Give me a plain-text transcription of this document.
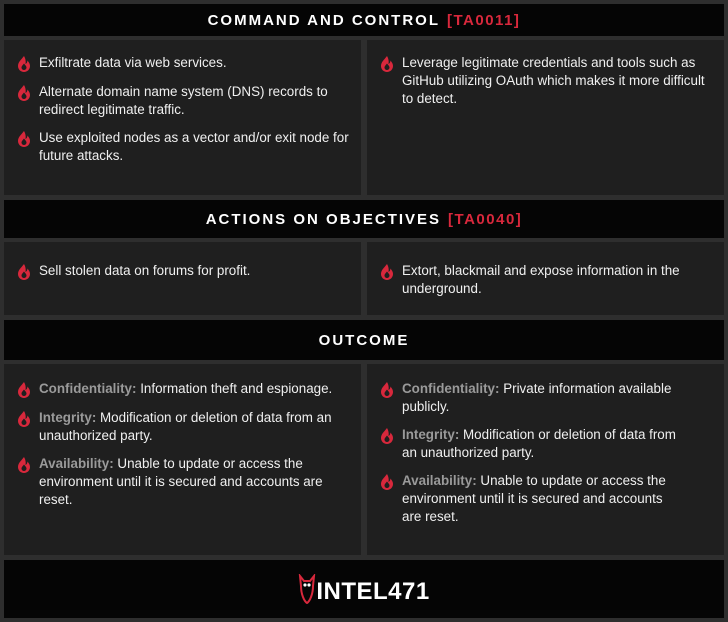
COMMAND AND CONTROL [TA0011]
Exfiltrate data via web services.
Alternate domain name system (DNS) records to redirect legitimate traffic.
Use exploited nodes as a vector and/or exit node for future attacks.
Leverage legitimate credentials and tools such as GitHub utilizing OAuth which makes it more difficult to detect.
ACTIONS ON OBJECTIVES [TA0040]
Sell stolen data on forums for profit.	Extort, blackmail and expose information in the underground.
OUTCOME
Confidentiality: Information theft and espionage.
Integrity: Modification or deletion of data from an unauthorized party.
Availability: Unable to update or access the environment until it is secured and accounts are reset.
Confidentiality: Private information available publicly.
Integrity: Modification or deletion of data from an unauthorized party.
Availability: Unable to update or access the environment until it is secured and accounts are reset.
INTEL471
